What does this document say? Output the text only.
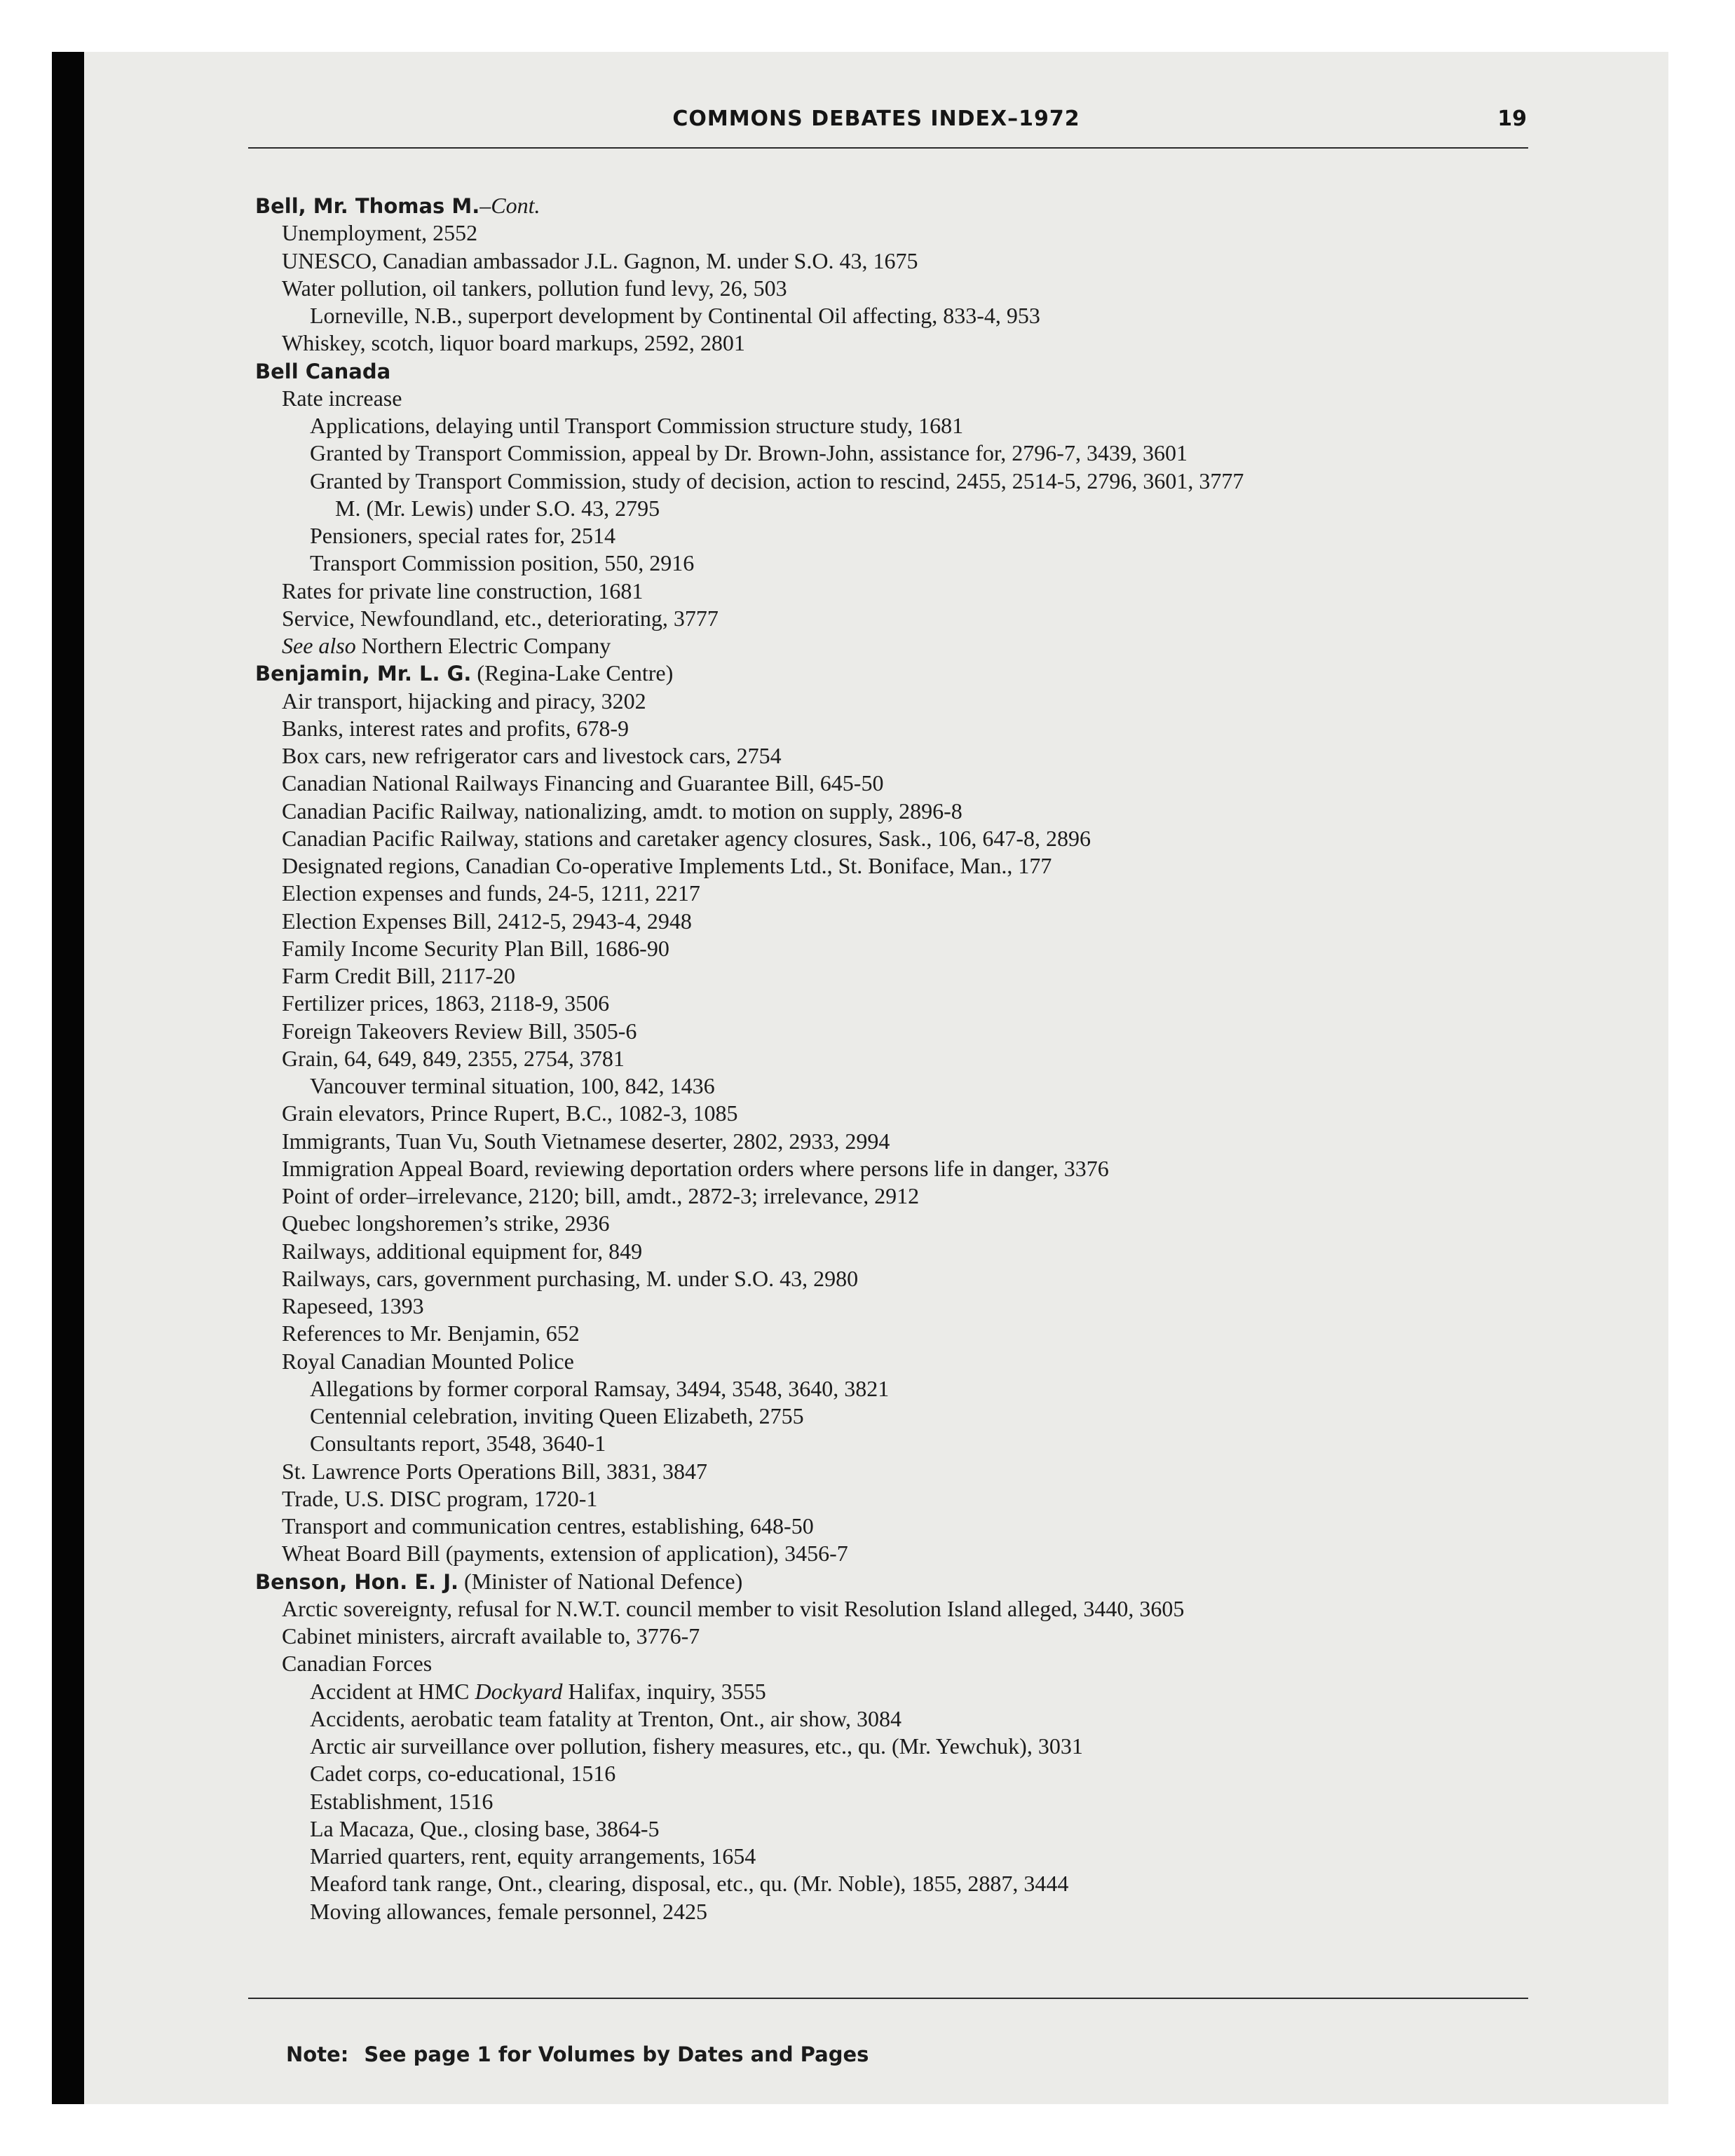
COMMONS DEBATES INDEX–1972	19
Bell, Mr. Thomas M.–Cont.
Unemployment, 2552
UNESCO, Canadian ambassador J.L. Gagnon, M. under S.O. 43, 1675
Water pollution, oil tankers, pollution fund levy, 26, 503
Lorneville, N.B., superport development by Continental Oil affecting, 833-4, 953
Whiskey, scotch, liquor board markups, 2592, 2801
Bell Canada
Rate increase
Applications, delaying until Transport Commission structure study, 1681
Granted by Transport Commission, appeal by Dr. Brown-John, assistance for, 2796-7, 3439, 3601
Granted by Transport Commission, study of decision, action to rescind, 2455, 2514-5, 2796, 3601, 3777
M. (Mr. Lewis) under S.O. 43, 2795
Pensioners, special rates for, 2514
Transport Commission position, 550, 2916
Rates for private line construction, 1681
Service, Newfoundland, etc., deteriorating, 3777
See also Northern Electric Company
Benjamin, Mr. L. G. (Regina-Lake Centre)
Air transport, hijacking and piracy, 3202
Banks, interest rates and profits, 678-9
Box cars, new refrigerator cars and livestock cars, 2754
Canadian National Railways Financing and Guarantee Bill, 645-50
Canadian Pacific Railway, nationalizing, amdt. to motion on supply, 2896-8
Canadian Pacific Railway, stations and caretaker agency closures, Sask., 106, 647-8, 2896
Designated regions, Canadian Co-operative Implements Ltd., St. Boniface, Man., 177
Election expenses and funds, 24-5, 1211, 2217
Election Expenses Bill, 2412-5, 2943-4, 2948
Family Income Security Plan Bill, 1686-90
Farm Credit Bill, 2117-20
Fertilizer prices, 1863, 2118-9, 3506
Foreign Takeovers Review Bill, 3505-6
Grain, 64, 649, 849, 2355, 2754, 3781
Vancouver terminal situation, 100, 842, 1436
Grain elevators, Prince Rupert, B.C., 1082-3, 1085
Immigrants, Tuan Vu, South Vietnamese deserter, 2802, 2933, 2994
Immigration Appeal Board, reviewing deportation orders where persons life in danger, 3376
Point of order–irrelevance, 2120; bill, amdt., 2872-3; irrelevance, 2912
Quebec longshoremen’s strike, 2936
Railways, additional equipment for, 849
Railways, cars, government purchasing, M. under S.O. 43, 2980
Rapeseed, 1393
References to Mr. Benjamin, 652
Royal Canadian Mounted Police
Allegations by former corporal Ramsay, 3494, 3548, 3640, 3821
Centennial celebration, inviting Queen Elizabeth, 2755
Consultants report, 3548, 3640-1
St. Lawrence Ports Operations Bill, 3831, 3847
Trade, U.S. DISC program, 1720-1
Transport and communication centres, establishing, 648-50
Wheat Board Bill (payments, extension of application), 3456-7
Benson, Hon. E. J. (Minister of National Defence)
Arctic sovereignty, refusal for N.W.T. council member to visit Resolution Island alleged, 3440, 3605
Cabinet ministers, aircraft available to, 3776-7
Canadian Forces
Accident at HMC Dockyard Halifax, inquiry, 3555
Accidents, aerobatic team fatality at Trenton, Ont., air show, 3084
Arctic air surveillance over pollution, fishery measures, etc., qu. (Mr. Yewchuk), 3031
Cadet corps, co-educational, 1516
Establishment, 1516
La Macaza, Que., closing base, 3864-5
Married quarters, rent, equity arrangements, 1654
Meaford tank range, Ont., clearing, disposal, etc., qu. (Mr. Noble), 1855, 2887, 3444
Moving allowances, female personnel, 2425
Note: See page 1 for Volumes by Dates and Pages
